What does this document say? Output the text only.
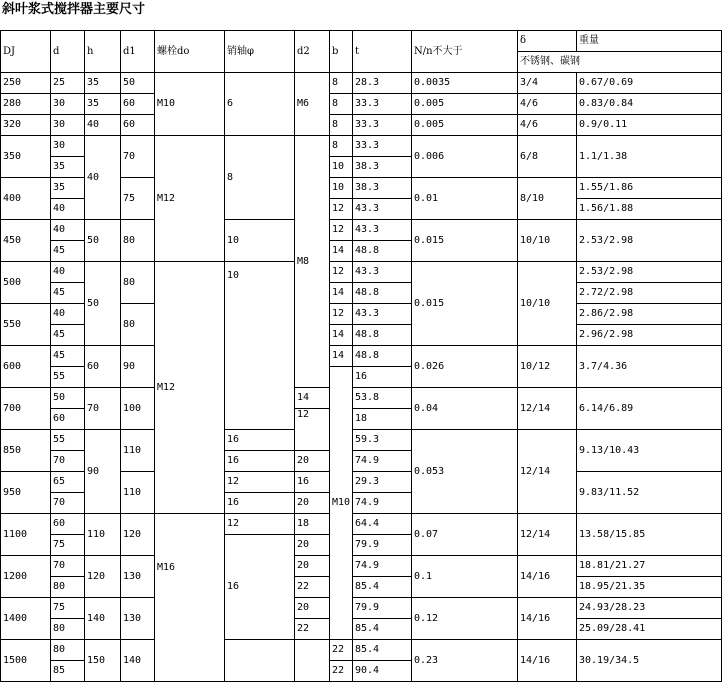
斜叶浆式搅拌器主要尺寸
DJ	d	h	d1	螺栓do	销轴φ	d2	b	t	N/n不大于	δ	重量	
										不锈钢、碳钢		
250	25	35	50	M10	6	M6	8	28.3	0.0035	3/4	0.67/0.69	
280	30	35	60				8	33.3	0.005	4/6	0.83/0.84	
320	30	40	60				8	33.3	0.005	4/6	0.9/0.11	
350	30	40	70	M12	8	M8	8	33.3	0.006	6/8	1.1/1.38	
	35						10	38.3				
400	35		75				10	38.3	0.01	8/10	1.55/1.86	
	40						12	43.3			1.56/1.88	
450	40	50	80		10		12	43.3	0.015	10/10	2.53/2.98	
	45						14	48.8				
500	40	50	80	M12	10		12	43.3	0.015	10/10	2.53/2.98	
	45						14	48.8			2.72/2.98	
550	40		80				12	43.3			2.86/2.98	
	45						14	48.8			2.96/2.98	
600	45	60	90				14	48.8	0.026	10/12	3.7/4.36	
	55						M10	16	
700	50	70	100			14		53.8	0.04	12/14	6.14/6.89	
	60					12		18	
850	55	90	110		16			59.3	0.053	12/14	9.13/10.43	
	70				16	20		74.9				
950	65		110		12	16		29.3			9.83/11.52	
	70				16	20		74.9				
1100	60	110	120	M16	12	18		64.4	0.07	12/14	13.58/15.85	
	75				16	20		79.9				
1200	70	120	130			20		74.9	0.1	14/16	18.81/21.27	
	80					22		85.4			18.95/21.35	
1400	75	140	130			20		79.9	0.12	14/16	24.93/28.23	
	80					22		85.4			25.09/28.41	
1500	80	150	140				22	85.4	0.23	14/16	30.19/34.5	
	85						22	90.4				
